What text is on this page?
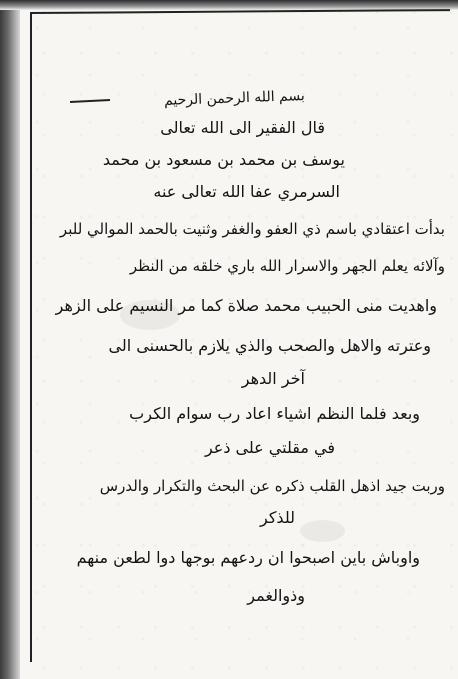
بسم الله الرحمن الرحيم
قال الفقير الى الله تعالى
يوسف بن محمد بن مسعود بن محمد
السرمري عفا الله تعالى عنه
بدأت اعتقادي باسم ذي العفو والغفر وثنيت بالحمد الموالي للبر
وآلائه يعلم الجهر والاسرار الله باري خلقه من النظر
واهديت منى الحبيب محمد صلاة كما مر النسيم على الزهر
وعترته والاهل والصحب والذي يلازم بالحسنى الى
آخر الدهر
وبعد فلما النظم اشياء اعاد رب سوام الكرب
في مقلتي على ذعر
وربت جيد اذهل القلب ذكره عن البحث والتكرار والدرس
للذكر
واوباش باين اصبحوا ان ردعهم بوجها دوا لطعن منهم
وذوالغمر
